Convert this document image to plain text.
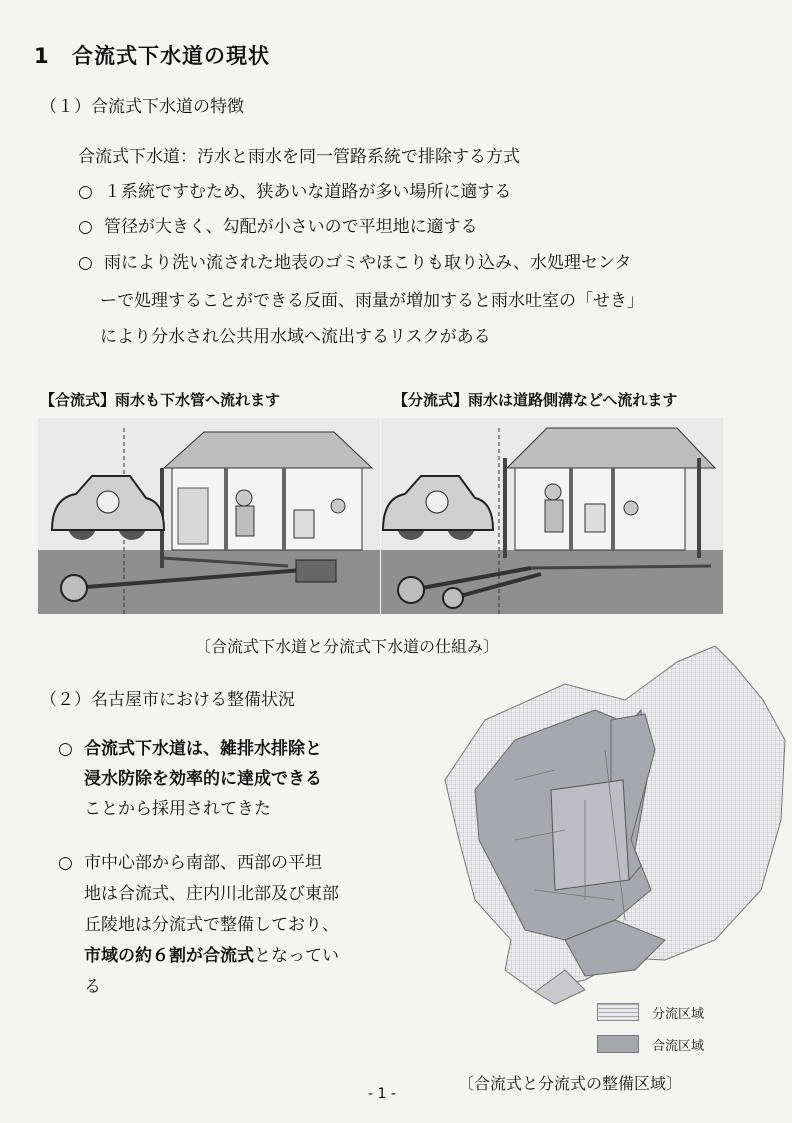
1 合流式下水道の現状
（１）合流式下水道の特徴
合流式下水道：汚水と雨水を同一管路系統で排除する方式
○ １系統ですむため、狭あいな道路が多い場所に適する
○ 管径が大きく、勾配が小さいので平坦地に適する
○ 雨により洗い流された地表のゴミやほこりも取り込み、水処理センタ
ーで処理することができる反面、雨量が増加すると雨水吐室の「せき」
により分水され公共用水域へ流出するリスクがある
【合流式】雨水も下水管へ流れます	【分流式】雨水は道路側溝などへ流れます
〔合流式下水道と分流式下水道の仕組み〕
（２）名古屋市における整備状況
○ 合流式下水道は、雑排水排除と
浸水防除を効率的に達成できる
ことから採用されてきた
○ 市中心部から南部、西部の平坦
地は合流式、庄内川北部及び東部
丘陵地は分流式で整備しており、
市域の約６割が合流式となってい
る
分流区域
合流区域
〔合流式と分流式の整備区域〕
- 1 -
